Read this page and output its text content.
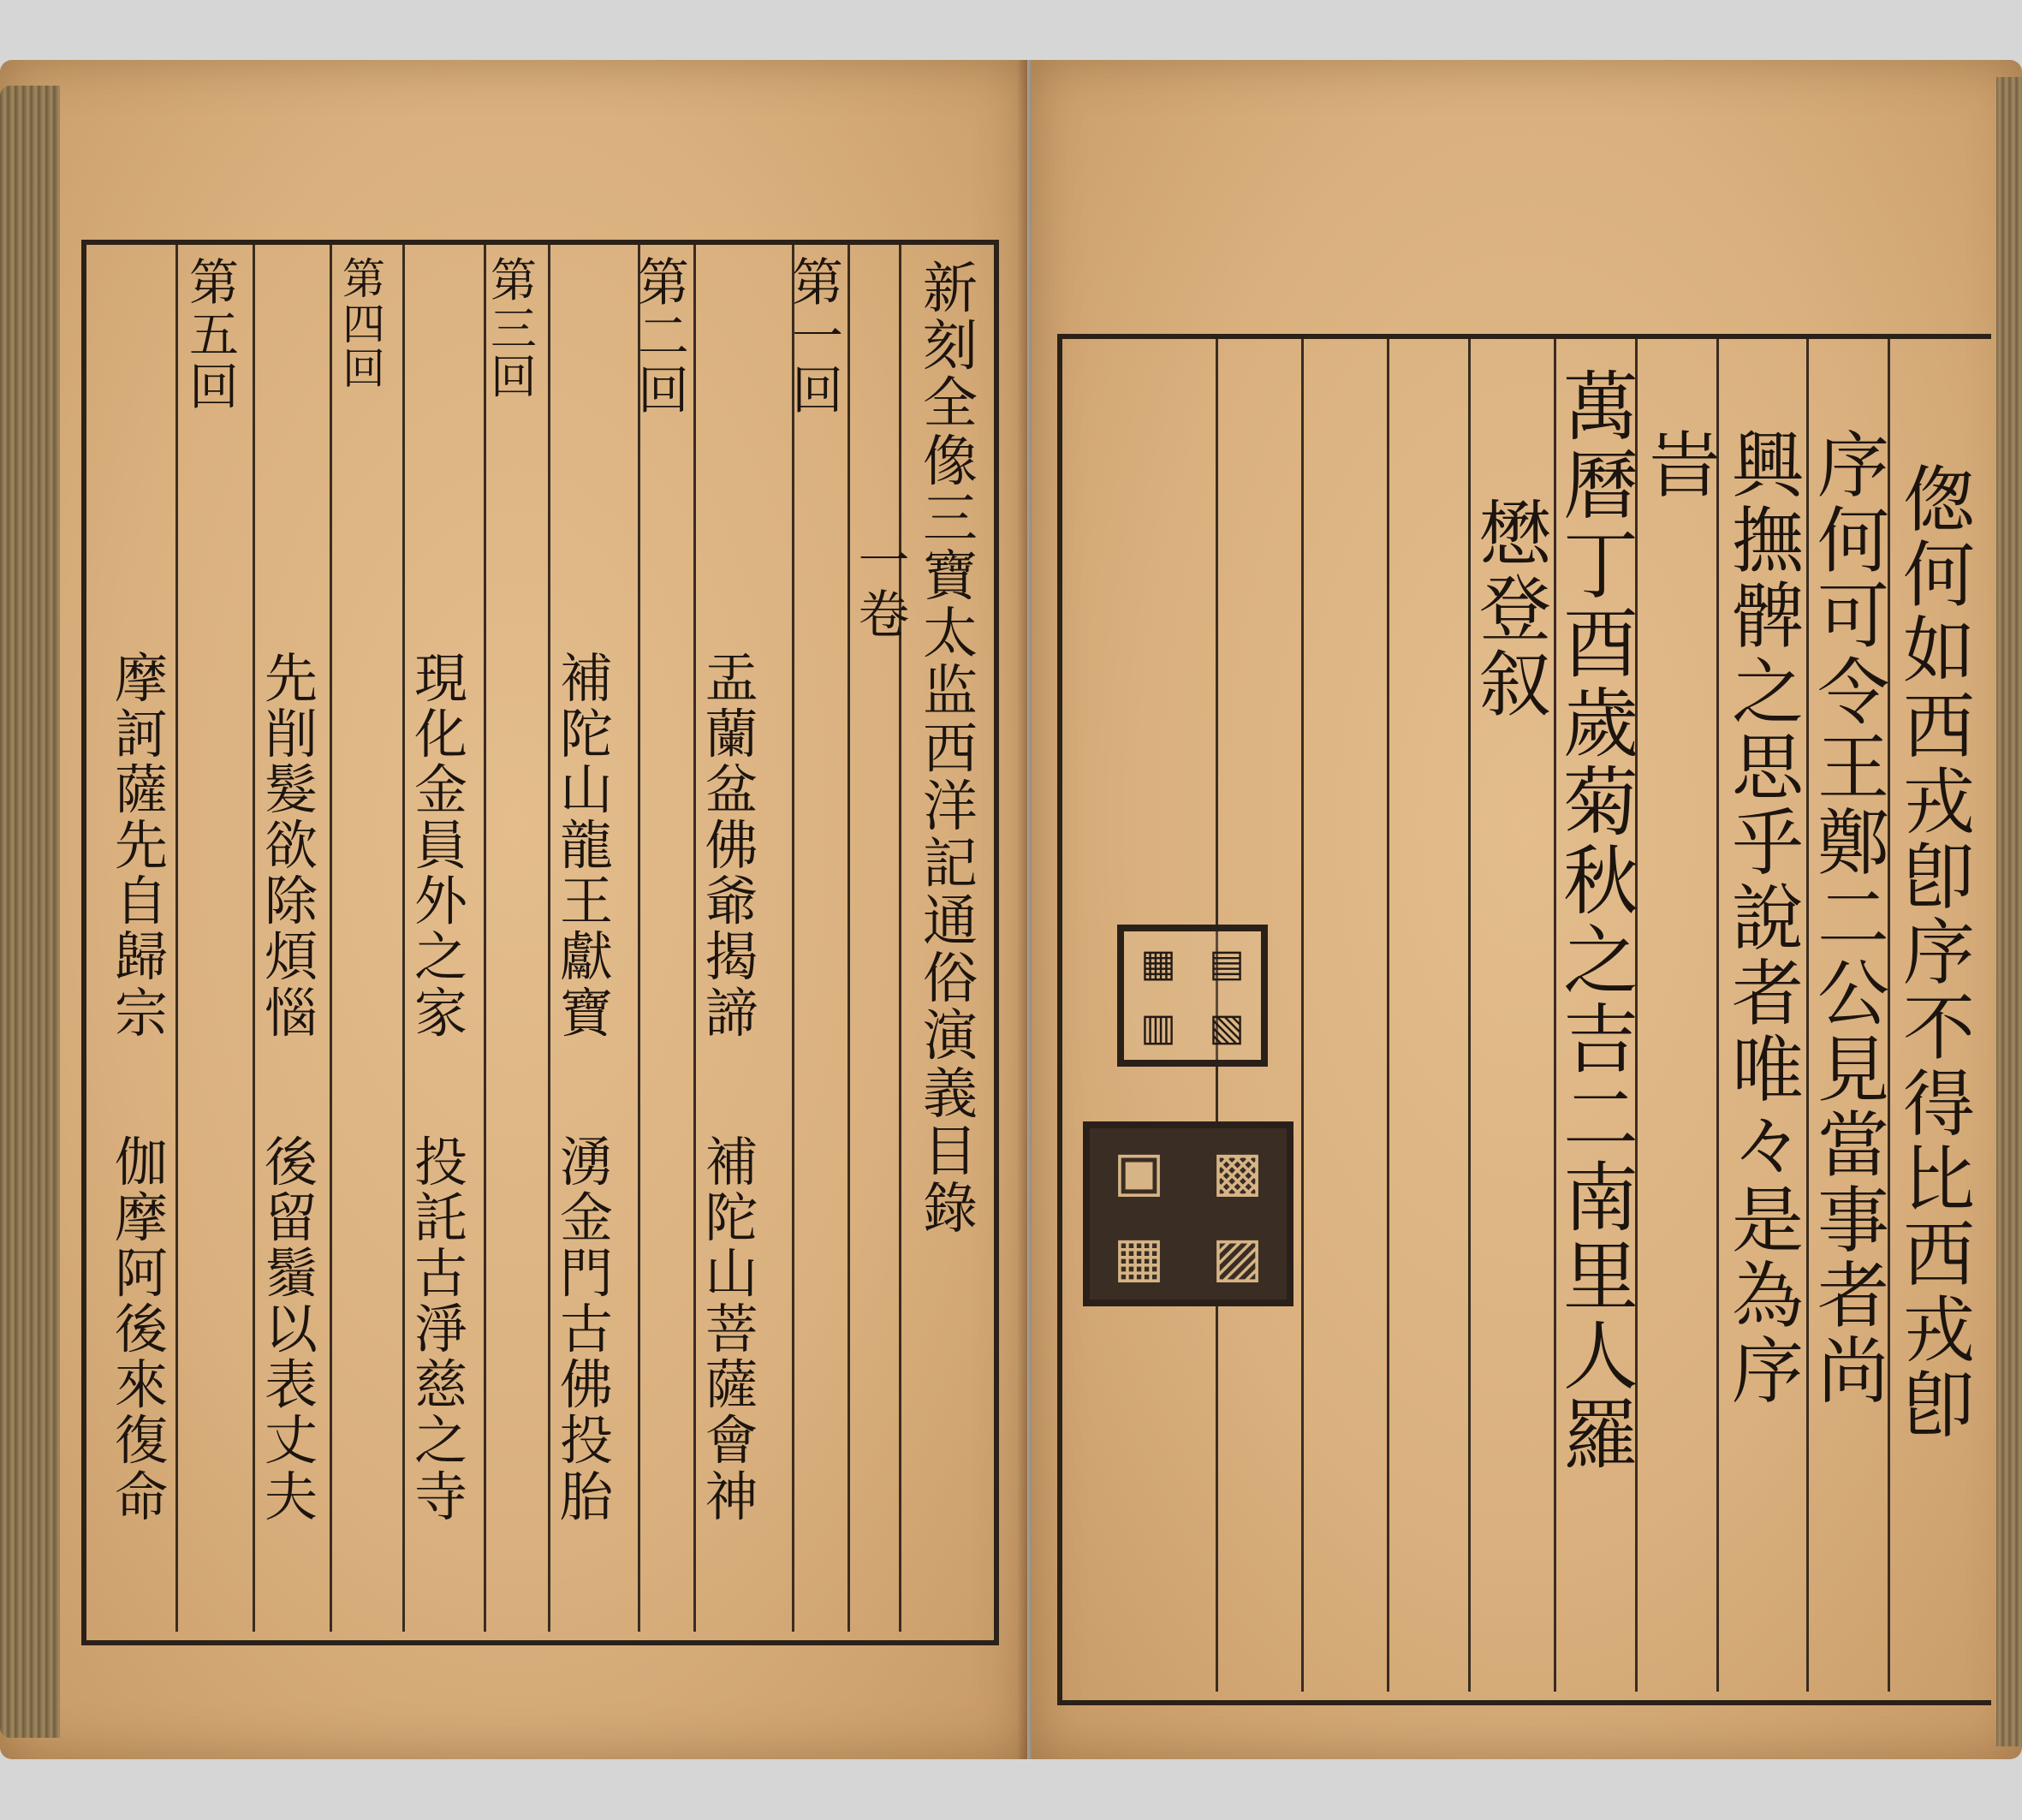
新
刻
全
像
三
寶
太
监
西
洋
記
通
俗
演
義
目
錄
一
卷
第
一
回
盂
蘭
盆
佛
爺
揭
諦
補
陀
山
菩
薩
會
神
第
二
回
補
陀
山
龍
王
獻
寶
湧
金
門
古
佛
投
胎
第
三
回
現
化
金
員
外
之
家
投
託
古
淨
慈
之
寺
第
四
回
先
削
髮
欲
除
煩
惱
後
留
鬚
以
表
丈
夫
第
五
回
摩
訶
薩
先
自
歸
宗
伽
摩
阿
後
來
復
命
偬
何
如
西
戎
卽
序
不
得
比
西
戎
卽
序
何
可
令
王
鄭
二
公
見
當
事
者
尚
興
撫
髀
之
思
乎
說
者
唯
々
是
為
序
旹
萬
曆
丁
酉
歲
菊
秋
之
吉
二
南
里
人
羅
懋
登
叙
▦ ▤
▥ ▧
▣ ▩
▦ ▨
